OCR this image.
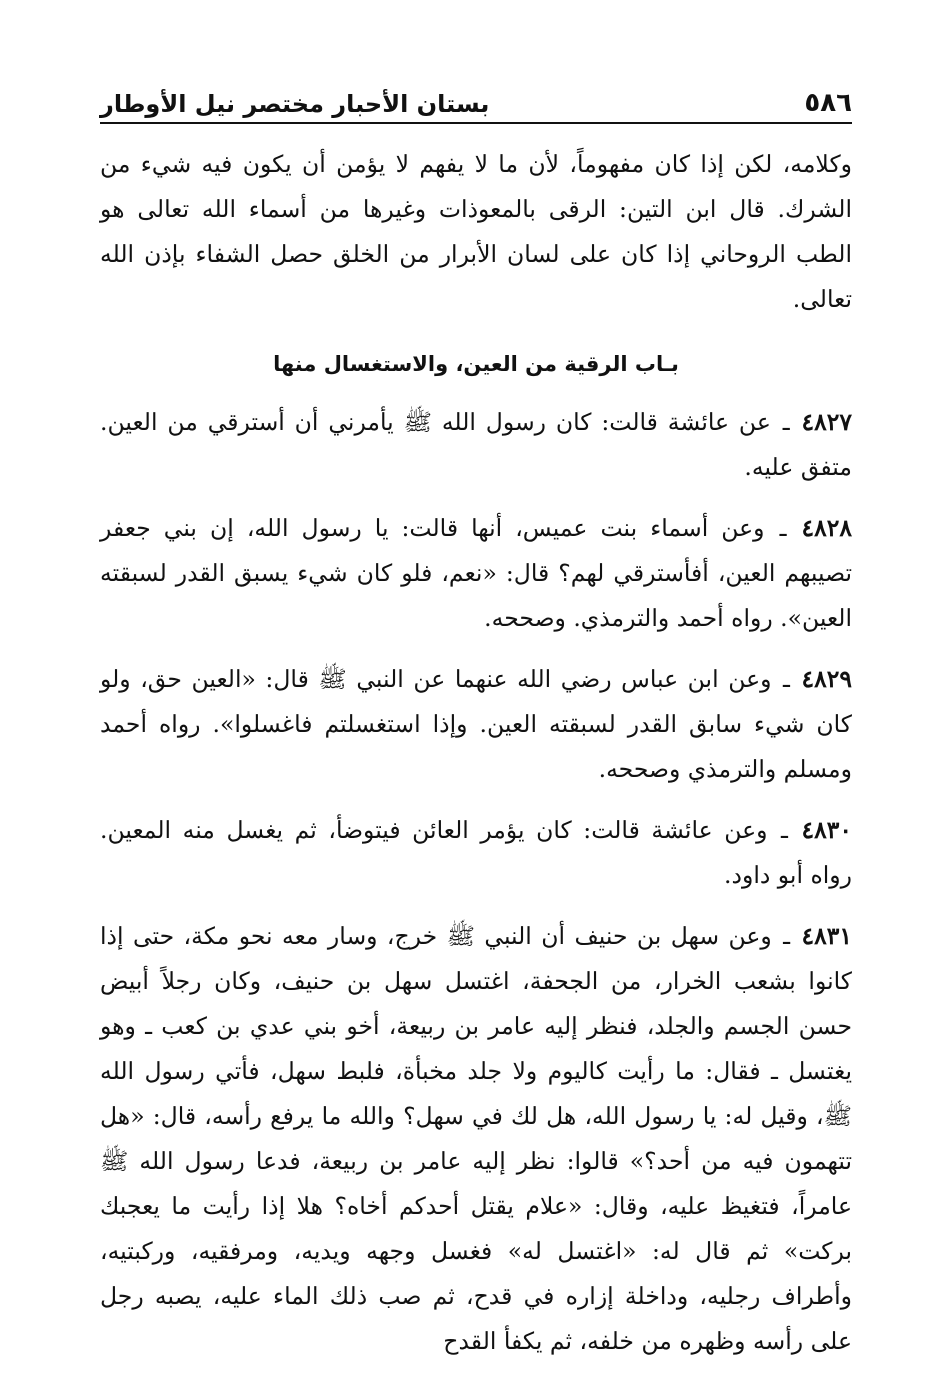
٥٨٦
بستان الأحبار مختصر نيل الأوطار

وكلامه، لكن إذا كان مفهوماً، لأن ما لا يفهم لا يؤمن أن يكون فيه شيء من الشرك. قال ابن التين: الرقى بالمعوذات وغيرها من أسماء الله تعالى هو الطب الروحاني إذا كان على لسان الأبرار من الخلق حصل الشفاء بإذن الله تعالى.

بـاب الرقية من العين، والاستغسال منها

٤٨٢٧ ـ عن عائشة قالت: كان رسول الله ﷺ يأمرني أن أسترقي من العين. متفق عليه.

٤٨٢٨ ـ وعن أسماء بنت عميس، أنها قالت: يا رسول الله، إن بني جعفر تصيبهم العين، أفأسترقي لهم؟ قال: «نعم، فلو كان شيء يسبق القدر لسبقته العين». رواه أحمد والترمذي. وصححه.

٤٨٢٩ ـ وعن ابن عباس رضي الله عنهما عن النبي ﷺ قال: «العين حق، ولو كان شيء سابق القدر لسبقته العين. وإذا استغسلتم فاغسلوا». رواه أحمد ومسلم والترمذي وصححه.

٤٨٣٠ ـ وعن عائشة قالت: كان يؤمر العائن فيتوضأ، ثم يغسل منه المعين. رواه أبو داود.

٤٨٣١ ـ وعن سهل بن حنيف أن النبي ﷺ خرج، وسار معه نحو مكة، حتى إذا كانوا بشعب الخرار، من الجحفة، اغتسل سهل بن حنيف، وكان رجلاً أبيض حسن الجسم والجلد، فنظر إليه عامر بن ربيعة، أخو بني عدي بن كعب ـ وهو يغتسل ـ فقال: ما رأيت كاليوم ولا جلد مخبأة، فلبط سهل، فأتي رسول الله ﷺ، وقيل له: يا رسول الله، هل لك في سهل؟ والله ما يرفع رأسه، قال: «هل تتهمون فيه من أحد؟» قالوا: نظر إليه عامر بن ربيعة، فدعا رسول الله ﷺ عامراً، فتغيظ عليه، وقال: «علام يقتل أحدكم أخاه؟ هلا إذا رأيت ما يعجبك بركت» ثم قال له: «اغتسل له» فغسل وجهه ويديه، ومرفقيه، وركبتيه، وأطراف رجليه، وداخلة إزاره في قدح، ثم صب ذلك الماء عليه، يصبه رجل على رأسه وظهره من خلفه، ثم يكفأ القدح
